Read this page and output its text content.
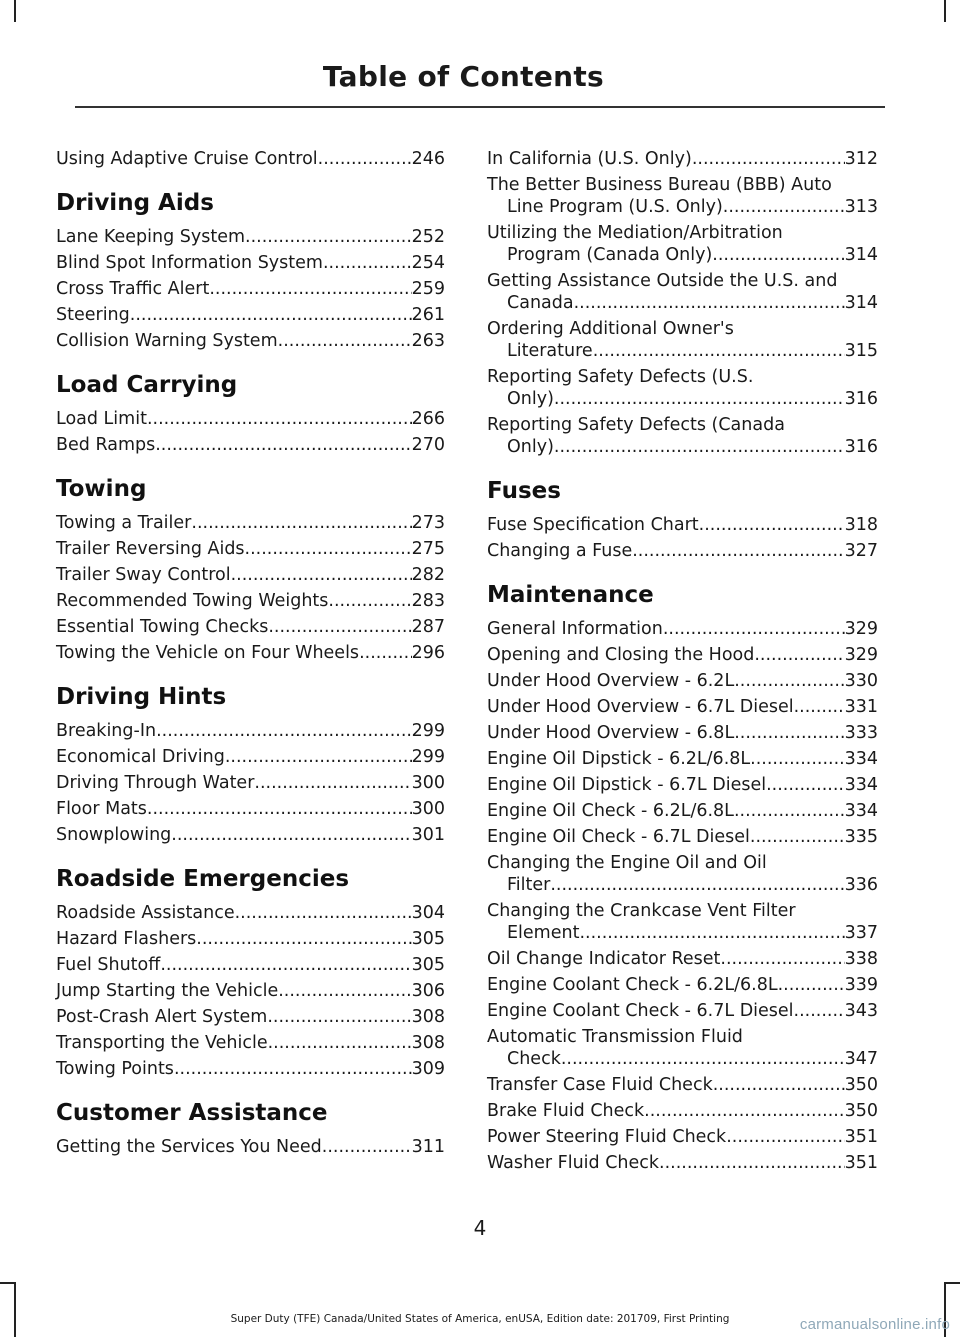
Table of Contents
Using Adaptive Cruise Control .....	246
Driving Aids
Lane Keeping System .....	252
Blind Spot Information System .....	254
Cross Traffic Alert .....	259
Steering .....	261
Collision Warning System .....	263
Load Carrying
Load Limit .....	266
Bed Ramps .....	270
Towing
Towing a Trailer .....	273
Trailer Reversing Aids .....	275
Trailer Sway Control .....	282
Recommended Towing Weights .....	283
Essential Towing Checks .....	287
Towing the Vehicle on Four Wheels .....	296
Driving Hints
Breaking-In .....	299
Economical Driving .....	299
Driving Through Water .....	300
Floor Mats .....	300
Snowplowing .....	301
Roadside Emergencies
Roadside Assistance .....	304
Hazard Flashers .....	305
Fuel Shutoff .....	305
Jump Starting the Vehicle .....	306
Post-Crash Alert System .....	308
Transporting the Vehicle .....	308
Towing Points .....	309
Customer Assistance
Getting the Services You Need .....	311
In California (U.S. Only) .....	312
The Better Business Bureau (BBB) Auto
Line Program (U.S. Only) .....	313
Utilizing the Mediation/Arbitration
Program (Canada Only) .....	314
Getting Assistance Outside the U.S. and
Canada .....	314
Ordering Additional Owner's
Literature .....	315
Reporting Safety Defects (U.S.
Only) .....	316
Reporting Safety Defects (Canada
Only) .....	316
Fuses
Fuse Specification Chart .....	318
Changing a Fuse .....	327
Maintenance
General Information .....	329
Opening and Closing the Hood .....	329
Under Hood Overview - 6.2L .....	330
Under Hood Overview - 6.7L Diesel .....	331
Under Hood Overview - 6.8L .....	333
Engine Oil Dipstick - 6.2L/6.8L .....	334
Engine Oil Dipstick - 6.7L Diesel .....	334
Engine Oil Check - 6.2L/6.8L .....	334
Engine Oil Check - 6.7L Diesel .....	335
Changing the Engine Oil and Oil
Filter .....	336
Changing the Crankcase Vent Filter
Element .....	337
Oil Change Indicator Reset .....	338
Engine Coolant Check - 6.2L/6.8L .....	339
Engine Coolant Check - 6.7L Diesel .....	343
Automatic Transmission Fluid
Check .....	347
Transfer Case Fluid Check .....	350
Brake Fluid Check .....	350
Power Steering Fluid Check .....	351
Washer Fluid Check .....	351
4
Super Duty (TFE) Canada/United States of America, enUSA, Edition date: 201709, First Printing	carmanualsonline.info
